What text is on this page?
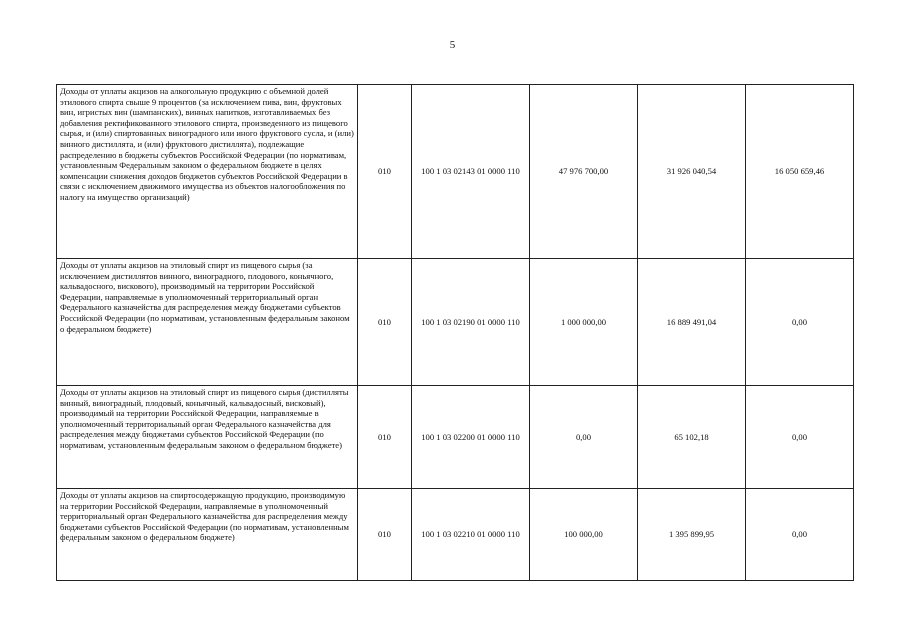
5
Доходы от уплаты акцизов на алкогольную продукцию с объемной долей этилового спирта свыше 9 процентов (за исключением пива, вин, фруктовых вин, игристых вин (шампанских), винных напитков, изготавливаемых без добавления ректификованного этилового спирта, произведенного из пищевого сырья, и (или) спиртованных виноградного или иного фруктового сусла, и (или) винного дистиллята, и (или) фруктового дистиллята), подлежащие распределению в бюджеты субъектов Российской Федерации (по нормативам, установленным Федеральным законом о федеральном бюджете в целях компенсации снижения доходов бюджетов субъектов Российской Федерации в связи с исключением движимого имущества из объектов налогообложения по налогу на имущество организаций)	010	100 1 03 02143 01 0000 110	47 976 700,00	31 926 040,54	16 050 659,46
Доходы от уплаты акцизов на этиловый спирт из пищевого сырья (за исключением дистиллятов винного, виноградного, плодового, коньячного, кальвадосного, вискового), производимый на территории Российской Федерации, направляемые в уполномоченный территориальный орган Федерального казначейства для распределения между бюджетами субъектов Российской Федерации (по нормативам, установленным федеральным законом о федеральном бюджете)	010	100 1 03 02190 01 0000 110	1 000 000,00	16 889 491,04	0,00
Доходы от уплаты акцизов на этиловый спирт из пищевого сырья (дистилляты винный, виноградный, плодовый, коньячный, кальвадосный, висковый), производимый на территории Российской Федерации, направляемые в уполномоченный территориальный орган Федерального казначейства для распределения между бюджетами субъектов Российской Федерации (по нормативам, установленным федеральным законом о федеральном бюджете)	010	100 1 03 02200 01 0000 110	0,00	65 102,18	0,00
Доходы от уплаты акцизов на спиртосодержащую продукцию, производимую на территории Российской Федерации, направляемые в уполномоченный территориальный орган Федерального казначейства для распределения между бюджетами субъектов Российской Федерации (по нормативам, установленным федеральным законом о федеральном бюджете)	010	100 1 03 02210 01 0000 110	100 000,00	1 395 899,95	0,00
